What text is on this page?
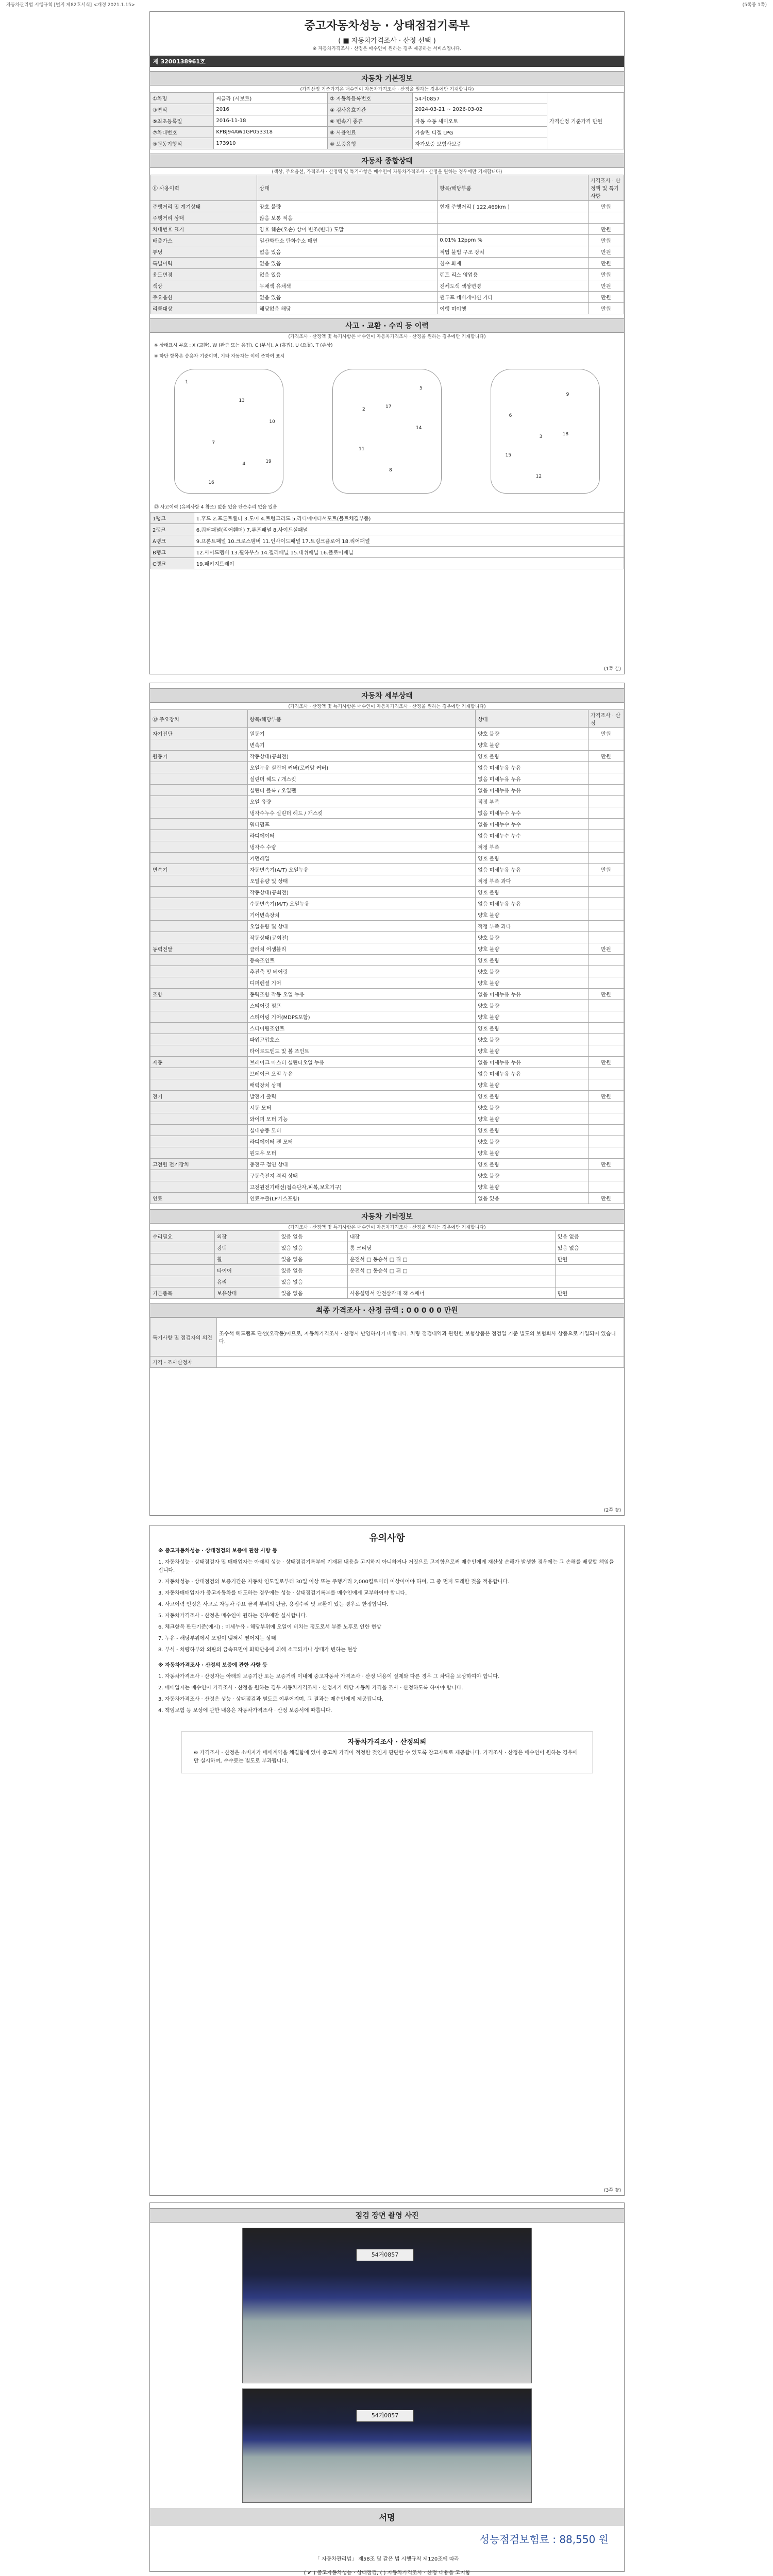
자동차관리법 시행규칙 [별지 제82호서식] <개정 2021.1.15>	(5쪽중 1쪽)
중고자동차성능 · 상태점검기록부
( ■ 자동차가격조사 · 산정 선택 )
※ 자동차가격조사 · 산정은 매수인이 원하는 경우 제공하는 서비스입니다.
제 3200138961호
자동차 기본정보
(가격산정 기준가격은 매수인이 자동차가격조사 · 산정을 원하는 경우에만 기재합니다)
①차명	씨클라 (시보르)	② 자동차등록번호	54거0857	가격산정 기준가격 만원
③연식	2016	④ 검사유효기간	2024-03-21 ~ 2026-03-02	
⑤최초등록일	2016-11-18	⑥ 변속기 종류	자동 수동 세미오토	
⑦차대번호	KPBJ94AW1GP053318	⑧ 사용연료	가솔린 디젤 LPG	
⑨원동기형식	173910	⑩ 보증유형	자가보증 보험사보증	
자동차 종합상태
(색상, 주요옵션, 가격조사 · 산정액 및 특기사항은 매수인이 자동차가격조사 · 산정을 원하는 경우에만 기재합니다)
⑪ 사용이력	상태	항목/해당부품	가격조사 · 산정액 및 특기사항
주행거리 및 계기상태	양호 불량	현재 주행거리 [ 122,469km ]	만원
주행거리 상태	많음 보통 적음		
차대번호 표기	양호 훼손(오손) 상이 변조(변타) 도말		만원
배출가스	일산화탄소 탄화수소 매연	0.01% 12ppm %	만원
튜닝	없음 있음	적법 불법 구조 장치	만원
특별이력	없음 있음	침수 화재	만원
용도변경	없음 있음	렌트 리스 영업용	만원
색상	무채색 유채색	전체도색 색상변경	만원
주요옵션	없음 있음	썬루프 네비게이션 기타	만원
리콜대상	해당없음 해당	이행 미이행	만원
사고 · 교환 · 수리 등 이력
(가격조사 · 산정액 및 특기사항은 매수인이 자동차가격조사 · 산정을 원하는 경우에만 기재합니다)
※ 상태표시 부호 : X (교환), W (판금 또는 용접), C (부식), A (흠집), U (요철), T (손상)
※ 하단 항목은 승용차 기준이며, 기타 자동차는 이에 준하여 표시
1
4
7
10
13
16
19
2
5
8
11
14
17
3
6
9
12
15
18
⑫ 사고이력 (유의사항 4 참조) 없음 있음 단순수리 없음 있음
1랭크	1.후드 2.프론트휀더 3.도어 4.트렁크리드 5.라디에이터서포트(볼트체결부품)
2랭크	6.쿼터패널(리어휀더) 7.루프패널 8.사이드실패널
A랭크	9.프론트패널 10.크로스멤버 11.인사이드패널 17.트렁크플로어 18.리어패널
B랭크	12.사이드멤버 13.휠하우스 14.필러패널 15.대쉬패널 16.플로어패널
C랭크	19.패키지트레이
(1쪽 끝)
자동차 세부상태
(가격조사 · 산정액 및 특기사항은 매수인이 자동차가격조사 · 산정을 원하는 경우에만 기재합니다)
⑬ 주요장치	항목/해당부품	상태	가격조사 · 산정
자기진단	원동기	양호 불량	만원
	변속기	양호 불량	
원동기	작동상태(공회전)	양호 불량	만원
	오일누유 실린더 커버(로커암 커버)	없음 미세누유 누유	
	실린더 헤드 / 개스킷	없음 미세누유 누유	
	실린더 블록 / 오일팬	없음 미세누유 누유	
	오일 유량	적정 부족	
	냉각수누수 실린더 헤드 / 개스킷	없음 미세누수 누수	
	워터펌프	없음 미세누수 누수	
	라디에이터	없음 미세누수 누수	
	냉각수 수량	적정 부족	
	커먼레일	양호 불량	
변속기	자동변속기(A/T) 오일누유	없음 미세누유 누유	만원
	오일유량 및 상태	적정 부족 과다	
	작동상태(공회전)	양호 불량	
	수동변속기(M/T) 오일누유	없음 미세누유 누유	
	기어변속장치	양호 불량	
	오일유량 및 상태	적정 부족 과다	
	작동상태(공회전)	양호 불량	
동력전달	클러치 어셈블리	양호 불량	만원
	등속조인트	양호 불량	
	추진축 및 베어링	양호 불량	
	디퍼렌셜 기어	양호 불량	
조향	동력조향 작동 오일 누유	없음 미세누유 누유	만원
	스티어링 펌프	양호 불량	
	스티어링 기어(MDPS포함)	양호 불량	
	스티어링조인트	양호 불량	
	파워고압호스	양호 불량	
	타이로드엔드 및 볼 조인트	양호 불량	
제동	브레이크 마스터 실린더오일 누유	없음 미세누유 누유	만원
	브레이크 오일 누유	없음 미세누유 누유	
	배력장치 상태	양호 불량	
전기	발전기 출력	양호 불량	만원
	시동 모터	양호 불량	
	와이퍼 모터 기능	양호 불량	
	실내송풍 모터	양호 불량	
	라디에이터 팬 모터	양호 불량	
	윈도우 모터	양호 불량	
고전원 전기장치	충전구 절연 상태	양호 불량	만원
	구동축전지 격리 상태	양호 불량	
	고전원전기배선(접속단자,피복,보호기구)	양호 불량	
연료	연료누출(LP가스포함)	없음 있음	만원
자동차 기타정보
(가격조사 · 산정액 및 특기사항은 매수인이 자동차가격조사 · 산정을 원하는 경우에만 기재합니다)
수리필요	외장	있음 없음	내장	있음 없음
	광택	있음 없음	룸 크리닝	있음 없음
	휠	있음 없음	운전석 □ 동승석 □ 뒤 □	만원
	타이어	있음 없음	운전석 □ 동승석 □ 뒤 □	
	유리	있음 없음		
기본품목	보유상태	있음 없음	사용설명서 안전삼각대 잭 스패너	만원
최종 가격조사 · 산정 금액 : 0 0 0 0 0 만원
특기사항 및 점검자의 의견	조수석 헤드램프 단선(오작동)이므로, 자동차가격조사 · 산정시 반영하시기 바랍니다. 차량 점검내역과 관련한 보험상품은 점검일 기준 별도의 보험회사 상품으로 가입되어 있습니다.
가격 · 조사산정자	
(2쪽 끝)
유의사항

※ 중고자동차성능 · 상태점검의 보증에 관한 사항 등

1. 자동차성능 · 상태점검자 및 매매업자는 아래의 성능 · 상태점검기록부에 기재된 내용을 고지하지 아니하거나 거짓으로 고지함으로써 매수인에게 재산상 손해가 발생한 경우에는 그 손해를 배상할 책임을 집니다.

2. 자동차성능 · 상태점검의 보증기간은 자동차 인도일로부터 30일 이상 또는 주행거리 2,000킬로미터 이상이어야 하며, 그 중 먼저 도래한 것을 적용합니다.

3. 자동차매매업자가 중고자동차를 매도하는 경우에는 성능 · 상태점검기록부를 매수인에게 교부하여야 합니다.

4. 사고이력 인정은 사고로 자동차 주요 골격 부위의 판금, 용접수리 및 교환이 있는 경우로 한정합니다.

5. 자동차가격조사 · 산정은 매수인이 원하는 경우에만 실시합니다.

6. 체크항목 판단기준(예시) : 미세누유 - 해당부위에 오일이 비치는 정도로서 부품 노후로 인한 현상

7. 누유 - 해당부위에서 오일이 맺혀서 떨어지는 상태

8. 부식 - 차량하부와 외판의 금속표면이 화학반응에 의해 소모되거나 상태가 변하는 현상

※ 자동차가격조사 · 산정의 보증에 관한 사항 등

1. 자동차가격조사 · 산정자는 아래의 보증기간 또는 보증거리 이내에 중고자동차 가격조사 · 산정 내용이 실제와 다른 경우 그 차액을 보상하여야 합니다.

2. 매매업자는 매수인이 가격조사 · 산정을 원하는 경우 자동차가격조사 · 산정자가 해당 자동차 가격을 조사 · 산정하도록 하여야 합니다.

3. 자동차가격조사 · 산정은 성능 · 상태점검과 별도로 이루어지며, 그 결과는 매수인에게 제공됩니다.

4. 책임보험 등 보상에 관한 내용은 자동차가격조사 · 산정 보증서에 따릅니다.

자동차가격조사 · 산정의뢰
※ 가격조사 · 산정은 소비자가 매매계약을 체결함에 있어 중고차 가격이 적정한 것인지 판단할 수 있도록 참고자료로 제공합니다. 가격조사 · 산정은 매수인이 원하는 경우에만 실시하며, 수수료는 별도로 부과됩니다.
(3쪽 끝)
점검 장면 촬영 사진
54거0857
54거0857
서명
성능점검보험료 : 88,550 원
「 자동차관리법」 제58조 및 같은 법 시행규칙 제120조에 따라
( ✔ ) 중고자동차성능 · 상태점검, ( ) 자동차가격조사 · 산정 내용을 고지함
